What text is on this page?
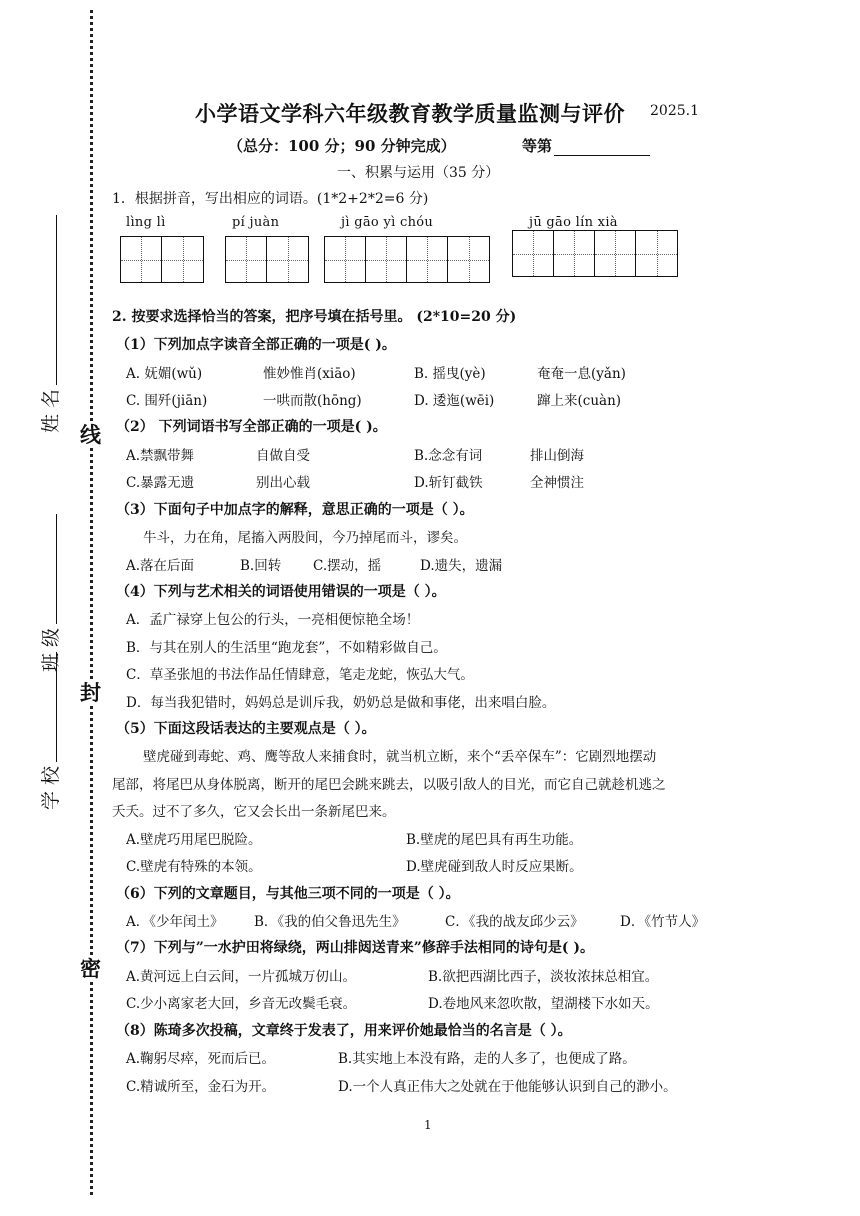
姓 名
班 级
学 校
线
封
密
小学语文学科六年级教育教学质量监测与评价 2025.1
（总分：100 分；90 分钟完成）	等第
一、积累与运用（35 分）
1．根据拼音，写出相应的词语。(1*2+2*2=6 分)
lìng lì	pí juàn	jì gāo yì chóu	jū gāo lín xià
2. 按要求选择恰当的答案，把序号填在括号里。 (2*10=20 分)
（1）下列加点字读音全部正确的一项是( )。
A. 妩媚(wǔ)	惟妙惟肖(xiāo)	B. 摇曳(yè)	奄奄一息(yǎn)
C. 围歼(jiān)	一哄而散(hōng)	D. 逶迤(wēi)	蹿上来(cuàn)
（2） 下列词语书写全部正确的一项是( )。
A.禁飘带舞	自做自受	B.念念有词	排山倒海
C.暴露无遗	别出心载	D.斩钉截铁	全神惯注
（3）下面句子中加点字的解释，意思正确的一项是（ ）。
牛斗，力在角，尾搐入两股间，今乃掉尾而斗，谬矣。
A.落在后面	B.回转 C.摆动，摇	D.遗失，遗漏
（4）下列与艺术相关的词语使用错误的一项是（ ）。
A．孟广禄穿上包公的行头，一亮相便惊艳全场！
B．与其在别人的生活里“跑龙套”，不如精彩做自己。
C．草圣张旭的书法作品任情肆意，笔走龙蛇，恢弘大气。
D．每当我犯错时，妈妈总是训斥我，奶奶总是做和事佬，出来唱白脸。
（5）下面这段话表达的主要观点是（ ）。
壁虎碰到毒蛇、鸡、鹰等敌人来捕食时，就当机立断，来个“丢卒保车”：它剧烈地摆动
尾部，将尾巴从身体脱离，断开的尾巴会跳来跳去，以吸引敌人的目光，而它自己就趁机逃之
夭夭。过不了多久，它又会长出一条新尾巴来。
A.壁虎巧用尾巴脱险。	B.壁虎的尾巴具有再生功能。
C.壁虎有特殊的本领。	D.壁虎碰到敌人时反应果断。
（6）下列的文章题目，与其他三项不同的一项是（ ）。
A．《少年闰土》 B．《我的伯父鲁迅先生》	C．《我的战友邱少云》	D．《竹节人》
（7）下列与”一水护田将绿绕，两山排闼送青来”修辞手法相同的诗句是( )。
A.黄河远上白云间，一片孤城万仞山。	B.欲把西湖比西子，淡妆浓抹总相宜。
C.少小离家老大回，乡音无改鬓毛衰。	D.卷地风来忽吹散，望湖楼下水如天。
（8）陈琦多次投稿，文章终于发表了，用来评价她最恰当的名言是（ ）。
A.鞠躬尽瘁，死而后已。	B.其实地上本没有路，走的人多了，也便成了路。
C.精诚所至，金石为开。	D.一个人真正伟大之处就在于他能够认识到自己的渺小。
1
